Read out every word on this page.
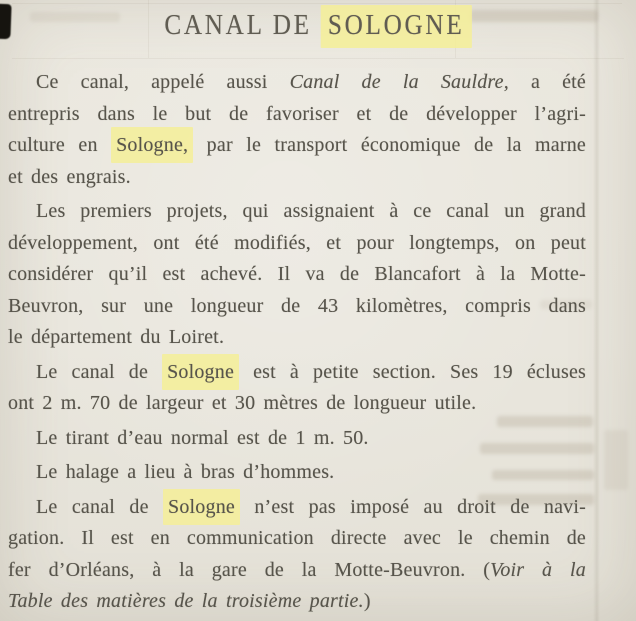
CANAL DE SOLOGNE
Ce canal, appelé aussi Canal de la Sauldre, a été
entrepris dans le but de favoriser et de développer l’agri-
culture en Sologne, par le transport économique de la marne
et des engrais.
Les premiers projets, qui assignaient à ce canal un grand
développement, ont été modifiés, et pour longtemps, on peut
considérer qu’il est achevé. Il va de Blancafort à la Motte-
Beuvron, sur une longueur de 43 kilomètres, compris dans
le département du Loiret.
Le canal de Sologne est à petite section. Ses 19 écluses
ont 2 m. 70 de largeur et 30 mètres de longueur utile.
Le tirant d’eau normal est de 1 m. 50.
Le halage a lieu à bras d’hommes.
Le canal de Sologne n’est pas imposé au droit de navi-
gation. Il est en communication directe avec le chemin de
fer d’Orléans, à la gare de la Motte-Beuvron. (Voir à la
Table des matières de la troisième partie.)
